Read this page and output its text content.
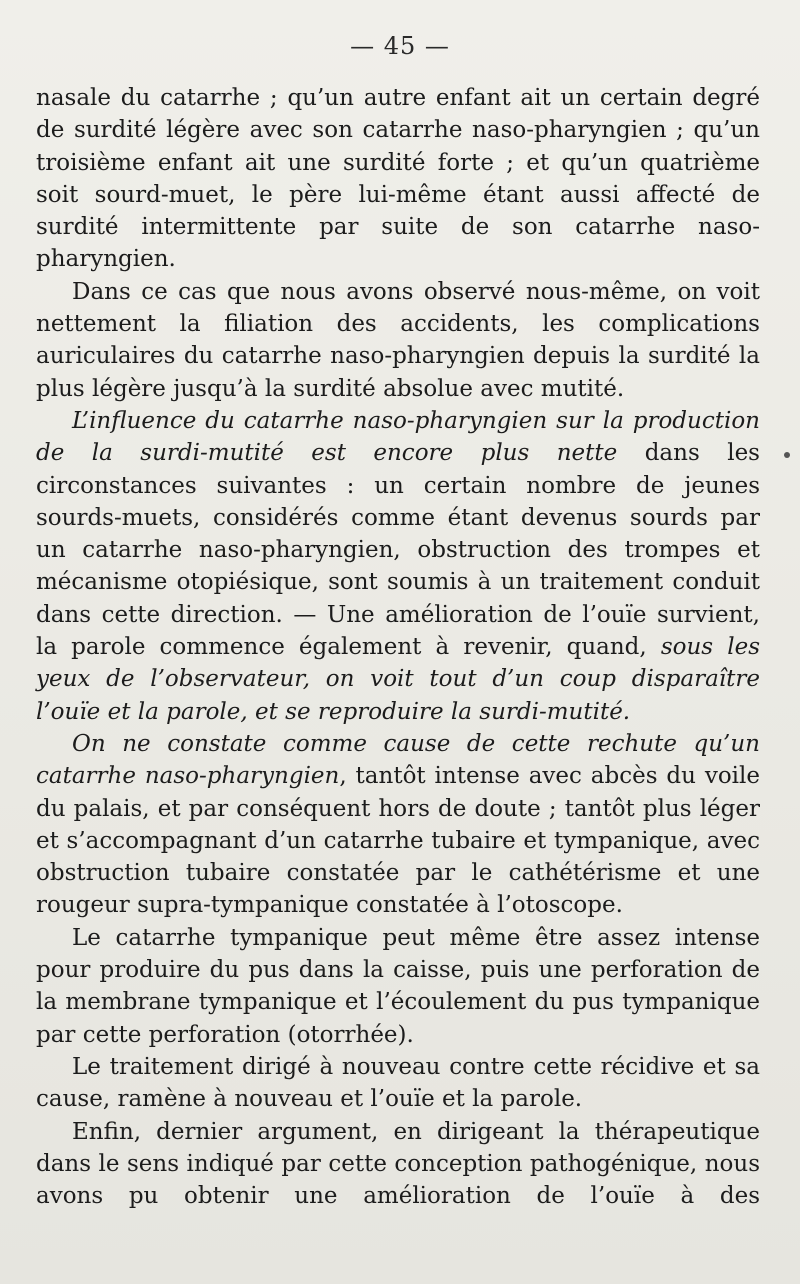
— 45 —

nasale du catarrhe ; qu’un autre enfant ait un certain degré de surdité légère avec son catarrhe naso-pharyngien ; qu’un troisième enfant ait une surdité forte ; et qu’un quatrième soit sourd-muet, le père lui-même étant aussi affecté de surdité intermittente par suite de son catarrhe naso-pharyngien.

Dans ce cas que nous avons observé nous-même, on voit nettement la filiation des accidents, les complications auriculaires du catarrhe naso-pharyngien depuis la surdité la plus légère jusqu’à la surdité absolue avec mutité.

L’influence du catarrhe naso-pharyngien sur la production de la surdi-mutité est encore plus nette dans les circonstances suivantes : un certain nombre de jeunes sourds-muets, considérés comme étant devenus sourds par un catarrhe naso-pharyngien, obstruction des trompes et mécanisme otopiésique, sont soumis à un traitement conduit dans cette direction. — Une amélioration de l’ouïe survient, la parole commence également à revenir, quand, sous les yeux de l’observateur, on voit tout d’un coup disparaître l’ouïe et la parole, et se reproduire la surdi-mutité.

On ne constate comme cause de cette rechute qu’un catarrhe naso-pharyngien, tantôt intense avec abcès du voile du palais, et par conséquent hors de doute ; tantôt plus léger et s’accompagnant d’un catarrhe tubaire et tympanique, avec obstruction tubaire constatée par le cathétérisme et une rougeur supra-tympanique constatée à l’otoscope.

Le catarrhe tympanique peut même être assez intense pour produire du pus dans la caisse, puis une perforation de la membrane tympanique et l’écoulement du pus tympanique par cette perforation (otorrhée).

Le traitement dirigé à nouveau contre cette récidive et sa cause, ramène à nouveau et l’ouïe et la parole.

Enfin, dernier argument, en dirigeant la thérapeutique dans le sens indiqué par cette conception pathogénique, nous avons pu obtenir une amélioration de l’ouïe à des
